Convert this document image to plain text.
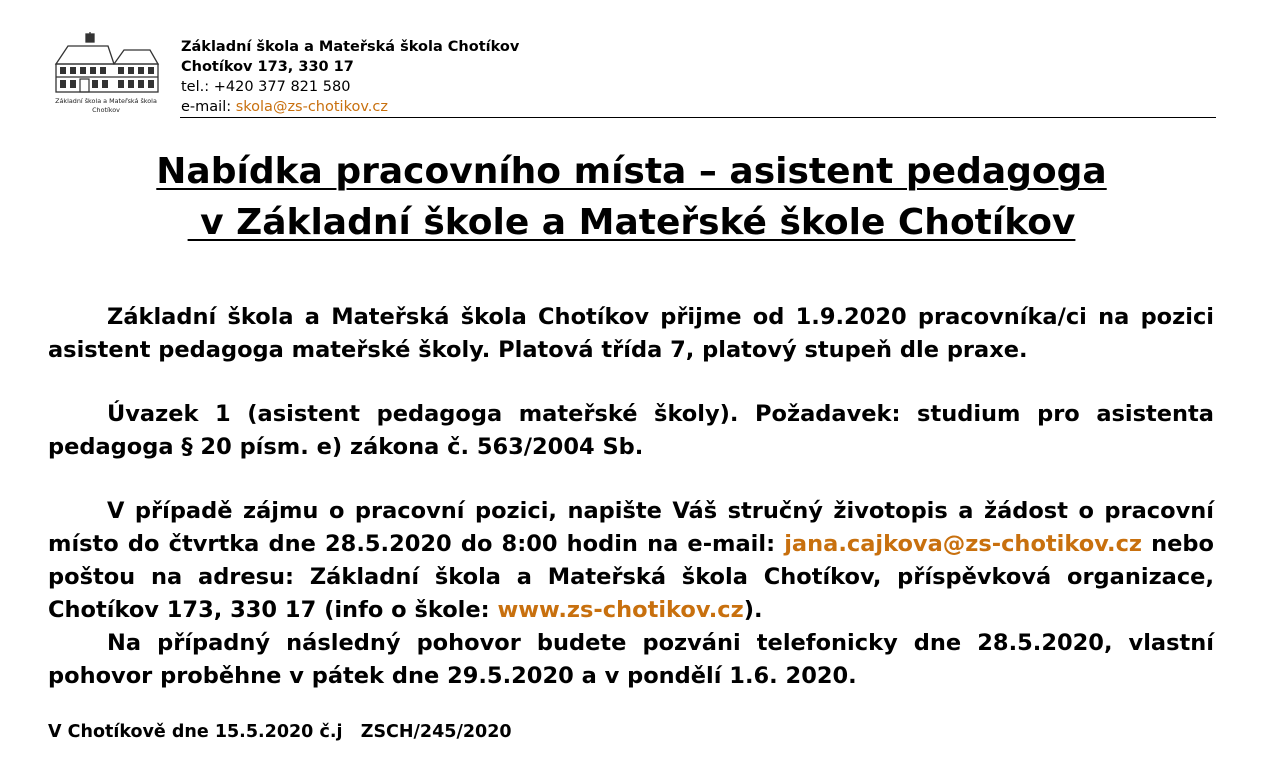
Základní škola a Mateřská škola
Chotíkov
Základní škola a Mateřská škola Chotíkov
Chotíkov 173, 330 17
tel.: +420 377 821 580
e-mail: skola@zs-chotikov.cz
Nabídka pracovního místa – asistent pedagoga
v Základní škole a Mateřské škole Chotíkov

Základní škola a Mateřská škola Chotíkov přijme od 1.9.2020 pracovníka/ci na pozici asistent pedagoga mateřské školy. Platová třída 7, platový stupeň dle praxe.

Úvazek 1 (asistent pedagoga mateřské školy). Požadavek: studium pro asistenta pedagoga § 20 písm. e) zákona č. 563/2004 Sb.

V případě zájmu o pracovní pozici, napište Váš stručný životopis a žádost o pracovní místo do čtvrtka dne 28.5.2020 do 8:00 hodin na e-mail: jana.cajkova@zs-chotikov.cz nebo poštou na adresu: Základní škola a Mateřská škola Chotíkov, příspěvková organizace, Chotíkov 173, 330 17 (info o škole: www.zs-chotikov.cz).

Na případný následný pohovor budete pozváni telefonicky dne 28.5.2020, vlastní pohovor proběhne v pátek dne 29.5.2020 a v pondělí 1.6. 2020.

V Chotíkově dne 15.5.2020 č.j   ZSCH/245/2020
